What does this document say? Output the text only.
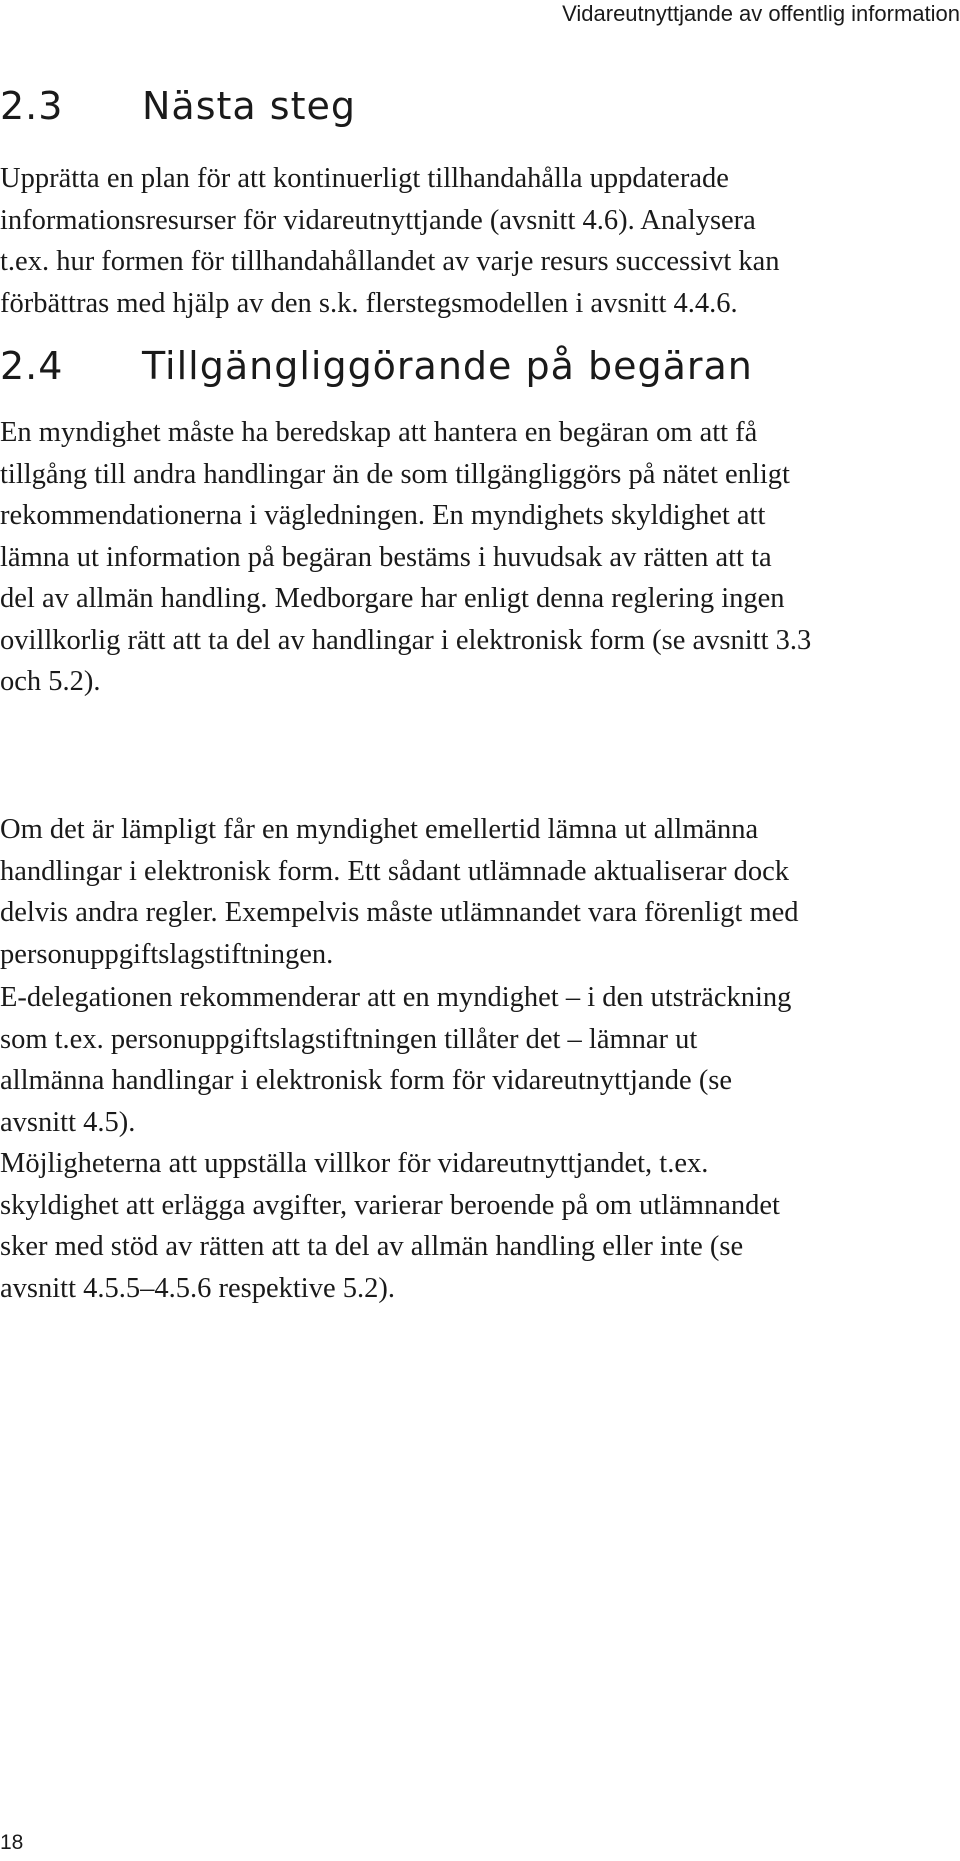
Vidareutnyttjande av offentlig information
2.3 Nästa steg

Upprätta en plan för att kontinuerligt tillhandahålla uppdaterade
informationsresurser för vidareutnyttjande (avsnitt 4.6). Analysera
t.ex. hur formen för tillhandahållandet av varje resurs successivt kan
förbättras med hjälp av den s.k. flerstegsmodellen i avsnitt 4.4.6.

2.4 Tillgängliggörande på begäran

En myndighet måste ha beredskap att hantera en begäran om att få
tillgång till andra handlingar än de som tillgängliggörs på nätet enligt
rekommendationerna i vägledningen. En myndighets skyldighet att
lämna ut information på begäran bestäms i huvudsak av rätten att ta
del av allmän handling. Medborgare har enligt denna reglering ingen
ovillkorlig rätt att ta del av handlingar i elektronisk form (se avsnitt 3.3
och 5.2).

Om det är lämpligt får en myndighet emellertid lämna ut allmänna
handlingar i elektronisk form. Ett sådant utlämnade aktualiserar dock
delvis andra regler. Exempelvis måste utlämnandet vara förenligt med
personuppgiftslagstiftningen.

E-delegationen rekommenderar att en myndighet – i den utsträckning
som t.ex. personuppgiftslagstiftningen tillåter det – lämnar ut
allmänna handlingar i elektronisk form för vidareutnyttjande (se
avsnitt 4.5).

Möjligheterna att uppställa villkor för vidareutnyttjandet, t.ex.
skyldighet att erlägga avgifter, varierar beroende på om utlämnandet
sker med stöd av rätten att ta del av allmän handling eller inte (se
avsnitt 4.5.5–4.5.6 respektive 5.2).

18
